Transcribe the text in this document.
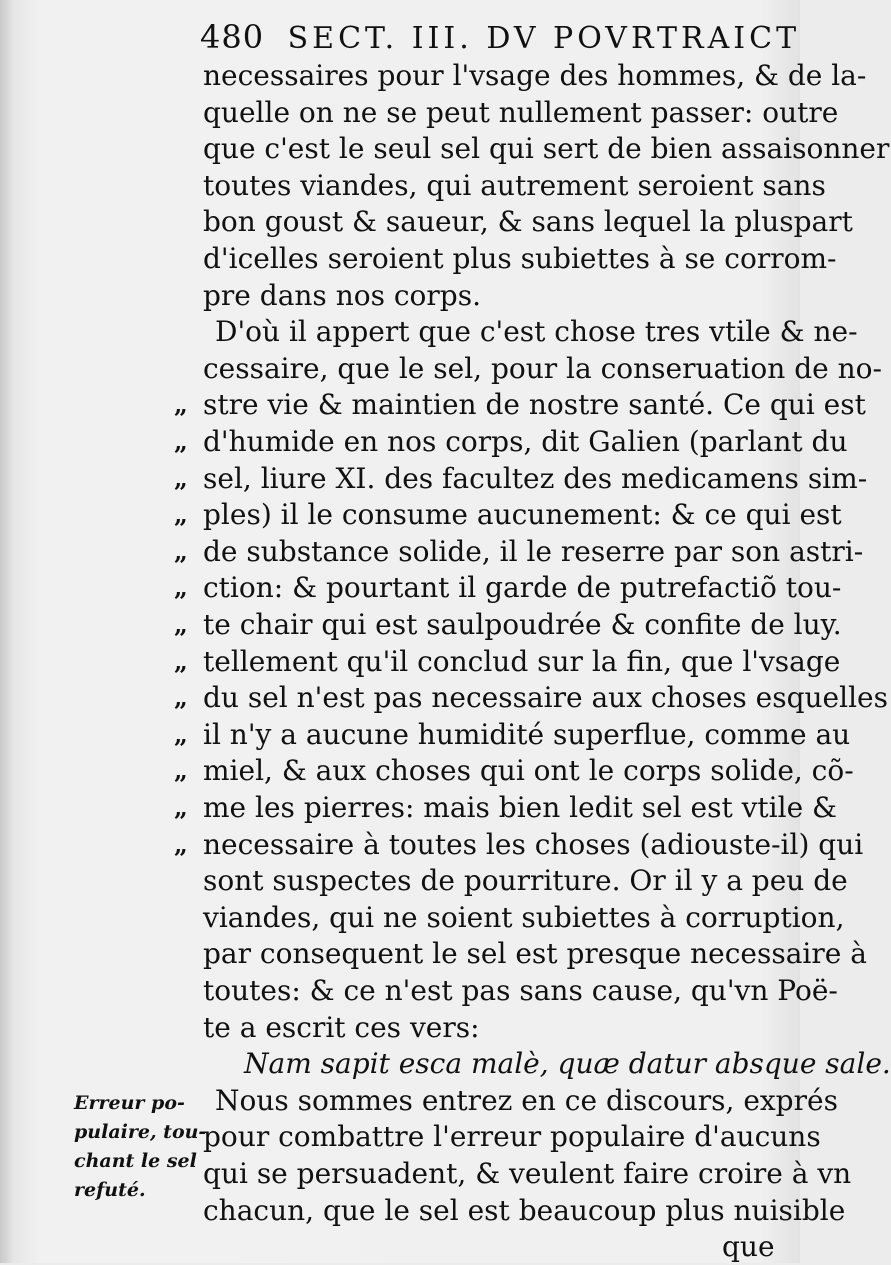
480 SECT. III. DV POVRTRAICT
necessaires pour l'vsage des hommes, & de la-
quelle on ne se peut nullement passer: outre
que c'est le seul sel qui sert de bien assaisonner
toutes viandes, qui autrement seroient sans
bon goust & saueur, & sans lequel la pluspart
d'icelles seroient plus subiettes à se corrom-
pre dans nos corps.
D'où il appert que c'est chose tres vtile & ne-
cessaire, que le sel, pour la conseruation de no-
stre vie & maintien de nostre santé. Ce qui est
d'humide en nos corps, dit Galien (parlant du
sel, liure XI. des facultez des medicamens sim-
ples) il le consume aucunement: & ce qui est
de substance solide, il le reserre par son astri-
ction: & pourtant il garde de putrefactiõ tou-
te chair qui est saulpoudrée & confite de luy.
tellement qu'il conclud sur la fin, que l'vsage
du sel n'est pas necessaire aux choses esquelles
il n'y a aucune humidité superflue, comme au
miel, & aux choses qui ont le corps solide, cõ-
me les pierres: mais bien ledit sel est vtile &
necessaire à toutes les choses (adiouste-il) qui
sont suspectes de pourriture. Or il y a peu de
viandes, qui ne soient subiettes à corruption,
par consequent le sel est presque necessaire à
toutes: & ce n'est pas sans cause, qu'vn Poë-
te a escrit ces vers:
Nam sapit esca malè, quæ datur absque sale.
Nous sommes entrez en ce discours, exprés
pour combattre l'erreur populaire d'aucuns
qui se persuadent, & veulent faire croire à vn
chacun, que le sel est beaucoup plus nuisible
que
„
„
„
„
„
„
„
„
„
„
„
„
„
Erreur po-
pulaire, tou-
chant le sel
refuté.
